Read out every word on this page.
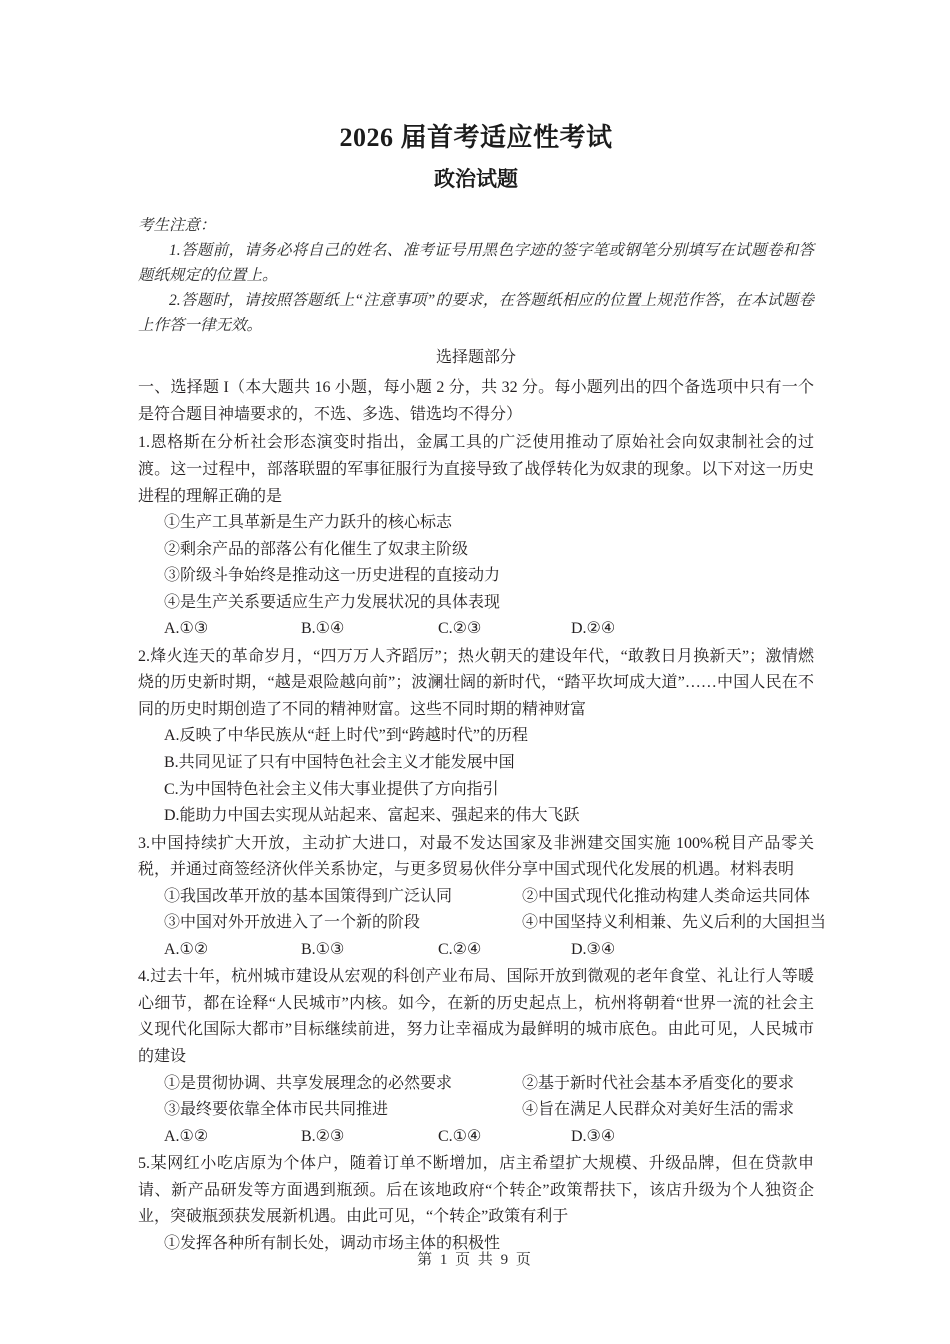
2026 届首考适应性考试
政治试题

考生注意：

1.答题前，请务必将自己的姓名、准考证号用黑色字迹的签字笔或钢笔分别填写在试题卷和答题纸规定的位置上。

2.答题时，请按照答题纸上“注意事项”的要求，在答题纸相应的位置上规范作答，在本试题卷上作答一律无效。

选择题部分

一、选择题 I（本大题共 16 小题，每小题 2 分，共 32 分。每小题列出的四个备选项中只有一个是符合题目神墙要求的，不选、多选、错选均不得分）

1.恩格斯在分析社会形态演变时指出，金属工具的广泛使用推动了原始社会向奴隶制社会的过渡。这一过程中，部落联盟的军事征服行为直接导致了战俘转化为奴隶的现象。以下对这一历史进程的理解正确的是

①生产工具革新是生产力跃升的核心标志

②剩余产品的部落公有化催生了奴隶主阶级

③阶级斗争始终是推动这一历史进程的直接动力

④是生产关系要适应生产力发展状况的具体表现

A.①③	B.①④	C.②③	D.②④

2.烽火连天的革命岁月，“四万万人齐蹈厉”；热火朝天的建设年代，“敢教日月换新天”；激情燃烧的历史新时期，“越是艰险越向前”；波澜壮阔的新时代，“踏平坎坷成大道”……中国人民在不同的历史时期创造了不同的精神财富。这些不同时期的精神财富

A.反映了中华民族从“赶上时代”到“跨越时代”的历程

B.共同见证了只有中国特色社会主义才能发展中国

C.为中国特色社会主义伟大事业提供了方向指引

D.能助力中国去实现从站起来、富起来、强起来的伟大飞跃

3.中国持续扩大开放，主动扩大进口，对最不发达国家及非洲建交国实施 100%税目产品零关税，并通过商签经济伙伴关系协定，与更多贸易伙伴分享中国式现代化发展的机遇。材料表明

①我国改革开放的基本国策得到广泛认同	②中国式现代化推动构建人类命运共同体
③中国对外开放进入了一个新的阶段	④中国坚持义利相兼、先义后利的大国担当
A.①②	B.①③	C.②④	D.③④

4.过去十年，杭州城市建设从宏观的科创产业布局、国际开放到微观的老年食堂、礼让行人等暖心细节，都在诠释“人民城市”内核。如今，在新的历史起点上，杭州将朝着“世界一流的社会主义现代化国际大都市”目标继续前进，努力让幸福成为最鲜明的城市底色。由此可见，人民城市的建设

①是贯彻协调、共享发展理念的必然要求	②基于新时代社会基本矛盾变化的要求
③最终要依靠全体市民共同推进	④旨在满足人民群众对美好生活的需求
A.①②	B.②③	C.①④	D.③④

5.某网红小吃店原为个体户，随着订单不断增加，店主希望扩大规模、升级品牌，但在贷款申请、新产品研发等方面遇到瓶颈。后在该地政府“个转企”政策帮扶下，该店升级为个人独资企业，突破瓶颈获发展新机遇。由此可见，“个转企”政策有利于

①发挥各种所有制长处，调动市场主体的积极性

第 1 页 共 9 页
